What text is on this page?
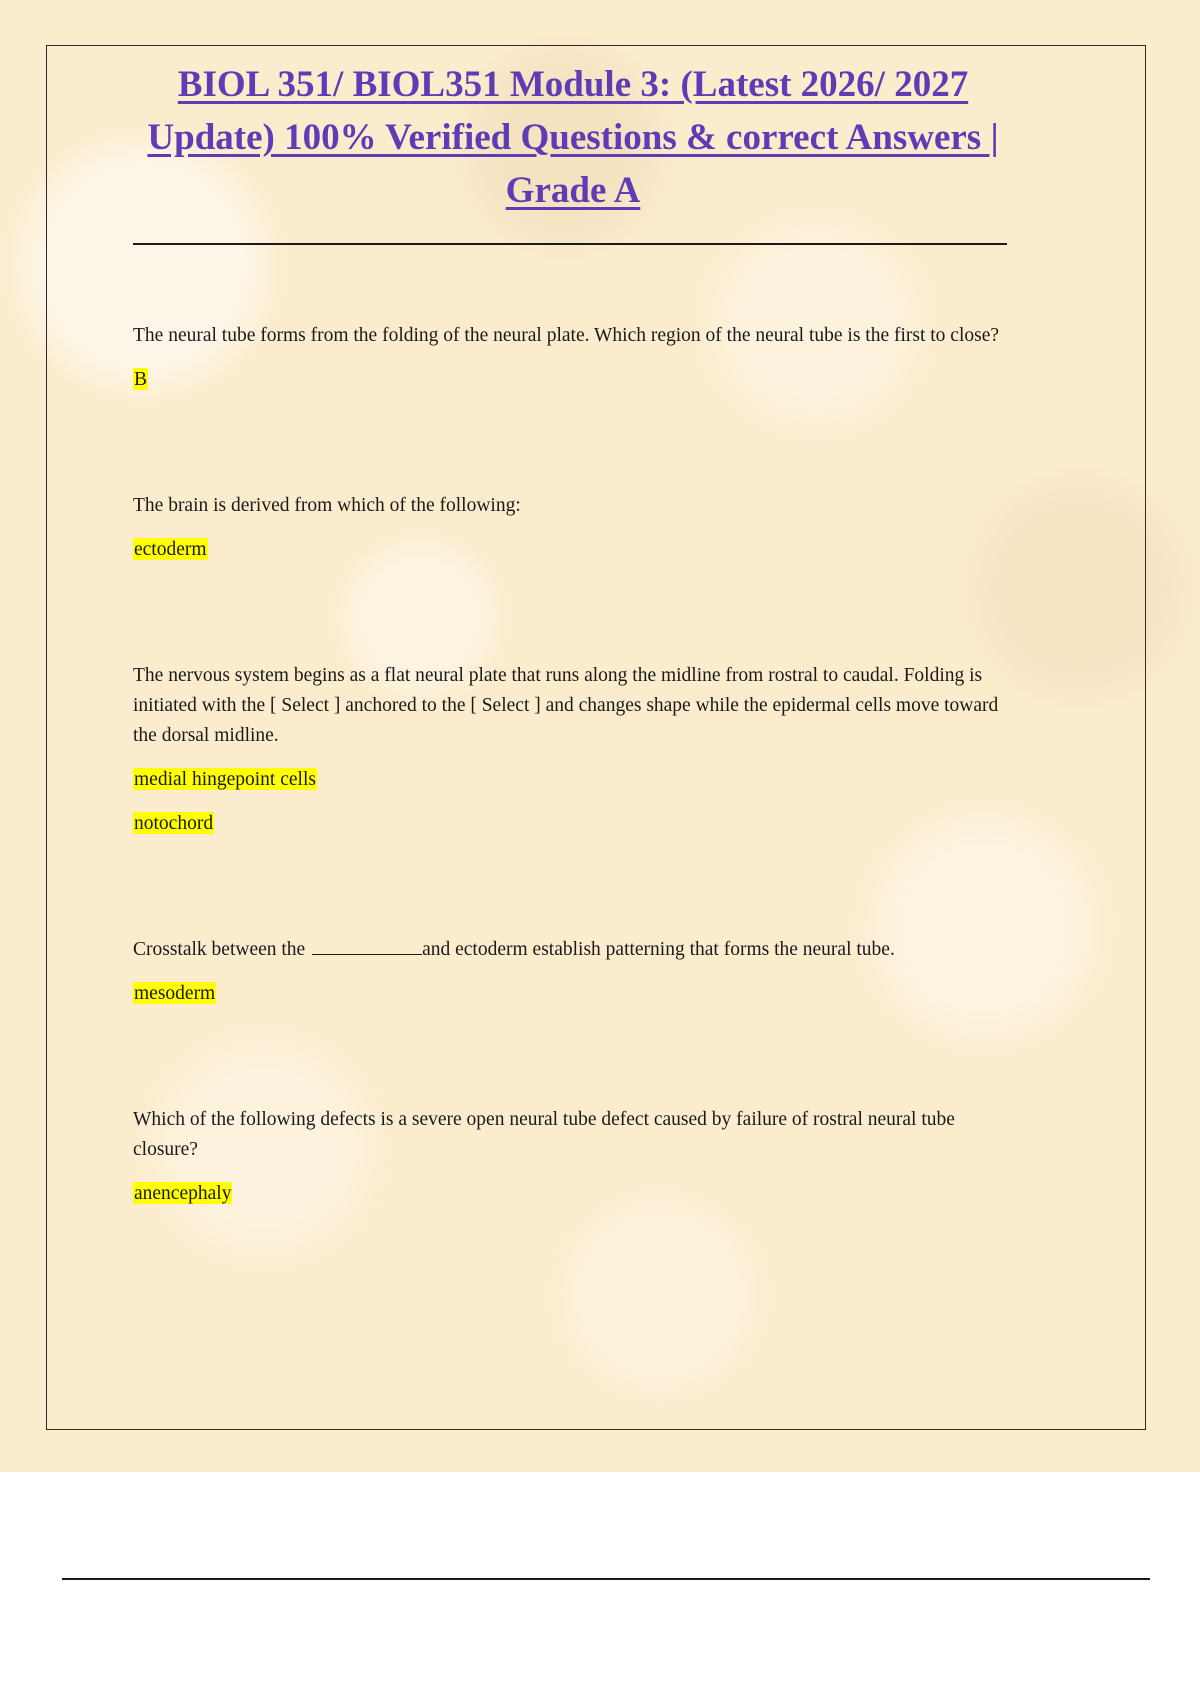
BIOL 351/ BIOL351 Module 3: (Latest 2026/ 2027 Update) 100% Verified Questions & correct Answers | Grade A
The neural tube forms from the folding of the neural plate. Which region of the neural tube is the first to close?
B
The brain is derived from which of the following:
ectoderm
The nervous system begins as a flat neural plate that runs along the midline from rostral to caudal. Folding is initiated with the [ Select ] anchored to the [ Select ] and changes shape while the epidermal cells move toward the dorsal midline.
medial hingepoint cells
notochord
Crosstalk between the	and ectoderm establish patterning that forms the neural tube.
mesoderm
Which of the following defects is a severe open neural tube defect caused by failure of rostral neural tube closure?
anencephaly
